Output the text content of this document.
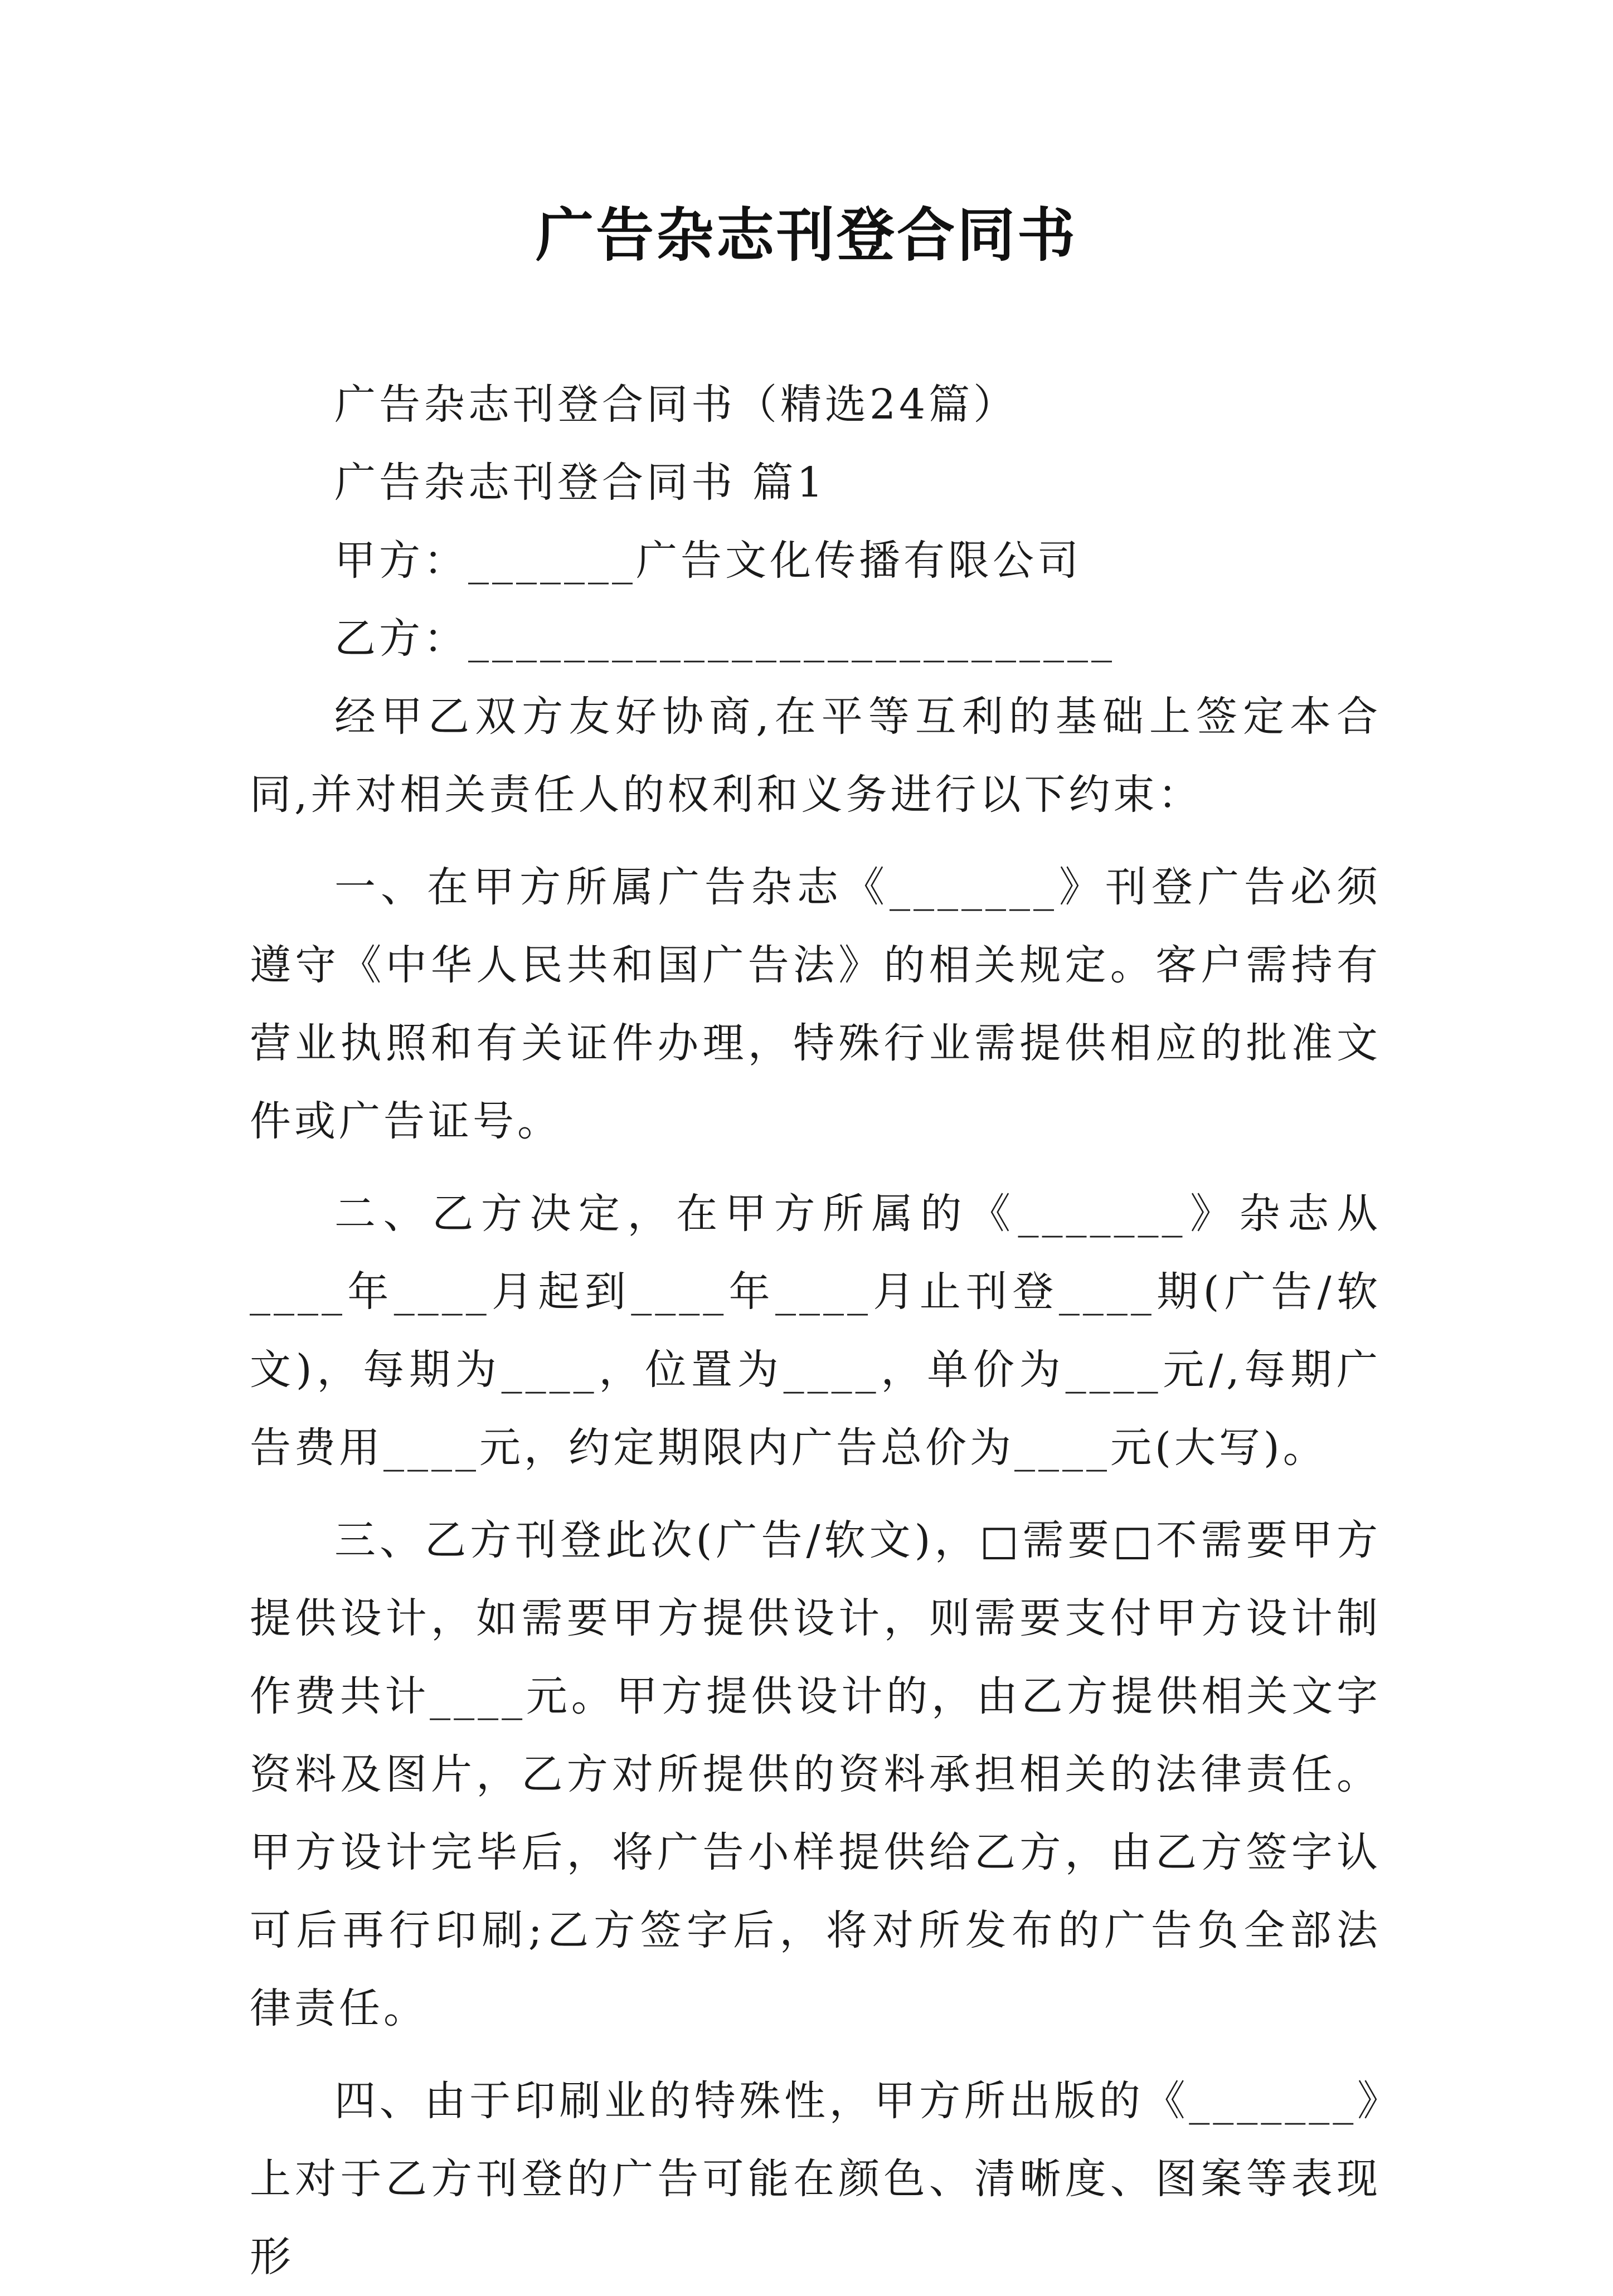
广告杂志刊登合同书

广告杂志刊登合同书（精选24篇）

广告杂志刊登合同书 篇1

甲方：_______广告文化传播有限公司

乙方：___________________________

经甲乙双方友好协商,在平等互利的基础上签定本合同,并对相关责任人的权利和义务进行以下约束：

一、在甲方所属广告杂志《_______》刊登广告必须遵守《中华人民共和国广告法》的相关规定。客户需持有营业执照和有关证件办理，特殊行业需提供相应的批准文件或广告证号。

二、乙方决定，在甲方所属的《_______》杂志从____年____月起到____年____月止刊登____期(广告/软文)，每期为____，位置为____，单价为____元/,每期广告费用____元，约定期限内广告总价为____元(大写)。

三、乙方刊登此次(广告/软文)，□需要□不需要甲方提供设计，如需要甲方提供设计，则需要支付甲方设计制作费共计____元。甲方提供设计的，由乙方提供相关文字资料及图片，乙方对所提供的资料承担相关的法律责任。甲方设计完毕后，将广告小样提供给乙方，由乙方签字认可后再行印刷;乙方签字后，将对所发布的广告负全部法律责任。

四、由于印刷业的特殊性，甲方所出版的《_______》上对于乙方刊登的广告可能在颜色、清晰度、图案等表现形
